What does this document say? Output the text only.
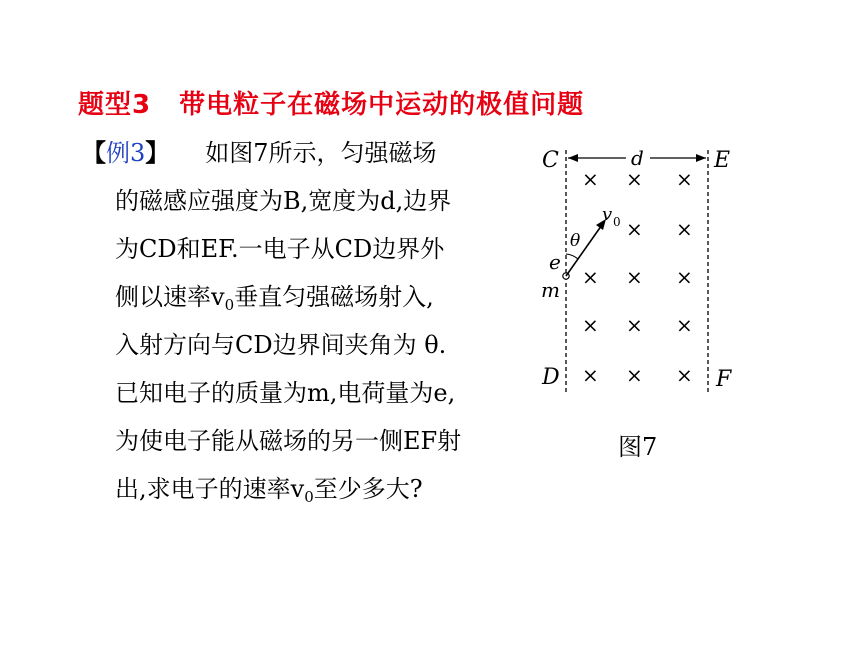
题型3 带电粒子在磁场中运动的极值问题
【例3】 如图7所示，匀强磁场
的磁感应强度为B,宽度为d,边界
为CD和EF.一电子从CD边界外
侧以速率$v_0$垂直匀强磁场射入,
入射方向与CD边界间夹角为 θ.
已知电子的质量为m,电荷量为e,
为使电子能从磁场的另一侧EF射
出,求电子的速率$v_0$至少多大?
C	d	E
D	F
× × ×
× ×
× × ×
× × ×
× × ×
v 0
θ
e
m
图7
